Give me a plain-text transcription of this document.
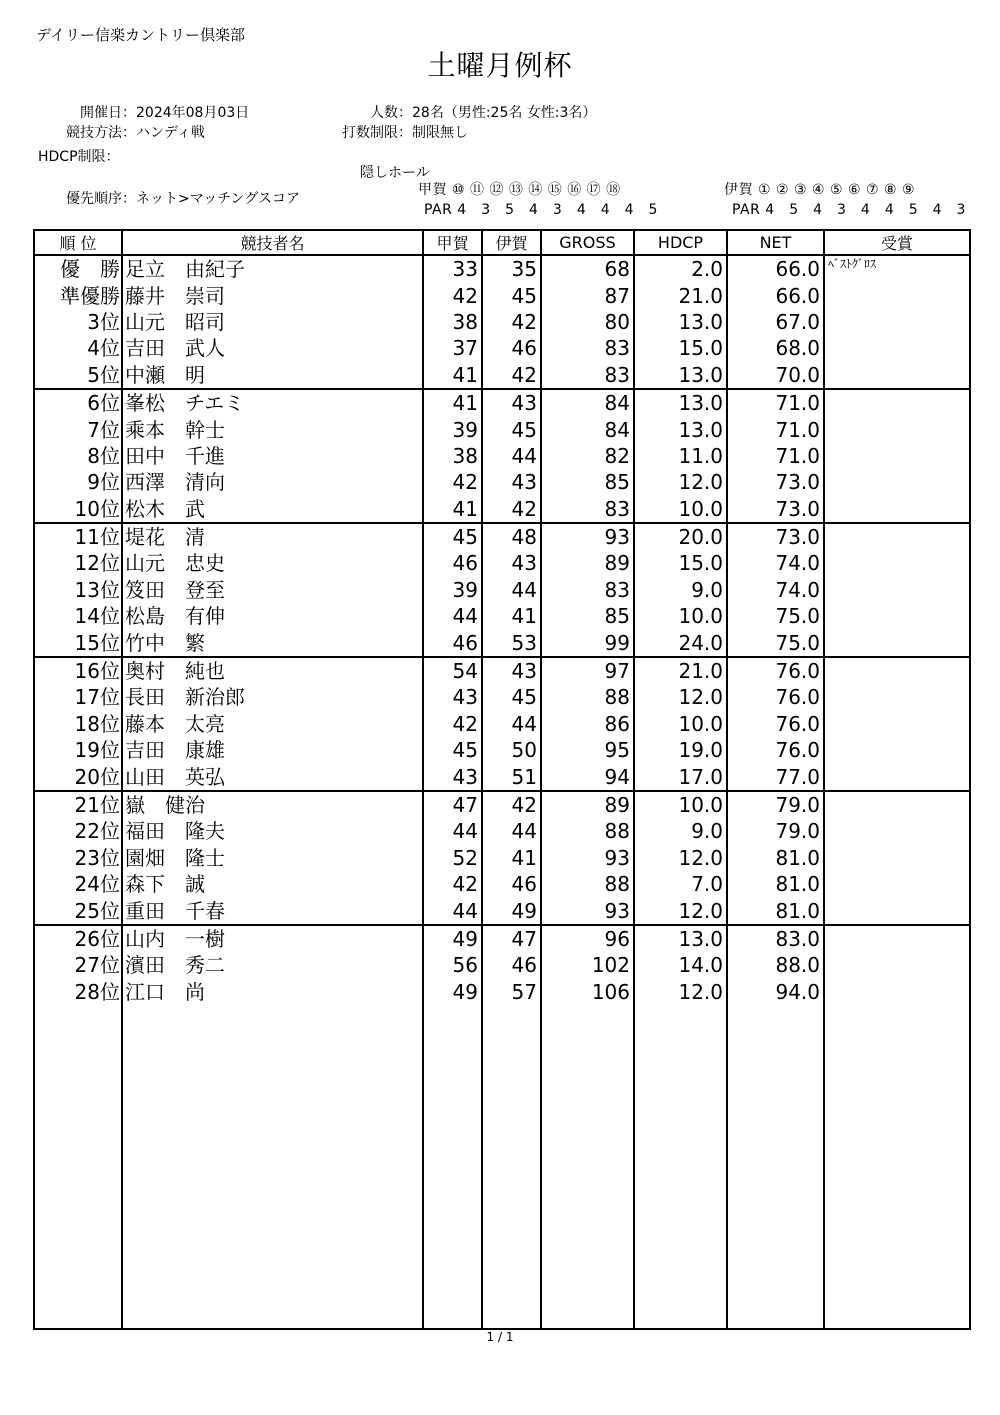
デイリー信楽カントリー倶楽部
土曜月例杯
開催日：2024年08月03日
競技方法：ハンディ戦
HDCP制限：
優先順序：ネット>マッチングスコア
人数：28名（男性:25名 女性:3名）
打数制限：制限無し
隠しホール
甲賀 ⑩ ⑪ ⑫ ⑬ ⑭ ⑮ ⑯ ⑰ ⑱
PAR 4　3　5　4　3　4　4　4　5
伊賀 ① ② ③ ④ ⑤ ⑥ ⑦ ⑧ ⑨
PAR 4　5　4　3　4　4　5　4　3
順 位	競技者名	甲賀	伊賀	GROSS	HDCP	NET	受賞
優　勝	足立　由紀子	33	35	68	2.0	66.0	ﾍﾞｽﾄｸﾞﾛｽ
準優勝	藤井　崇司	42	45	87	21.0	66.0	
3位	山元　昭司	38	42	80	13.0	67.0	
4位	吉田　武人	37	46	83	15.0	68.0	
5位	中瀬　明	41	42	83	13.0	70.0	
6位	峯松　チエミ	41	43	84	13.0	71.0	
7位	乘本　幹士	39	45	84	13.0	71.0	
8位	田中　千進	38	44	82	11.0	71.0	
9位	西澤　清向	42	43	85	12.0	73.0	
10位	松木　武	41	42	83	10.0	73.0	
11位	堤花　清	45	48	93	20.0	73.0	
12位	山元　忠史	46	43	89	15.0	74.0	
13位	笈田　登至	39	44	83	9.0	74.0	
14位	松島　有伸	44	41	85	10.0	75.0	
15位	竹中　繁	46	53	99	24.0	75.0	
16位	奥村　純也	54	43	97	21.0	76.0	
17位	長田　新治郎	43	45	88	12.0	76.0	
18位	藤本　太亮	42	44	86	10.0	76.0	
19位	吉田　康雄	45	50	95	19.0	76.0	
20位	山田　英弘	43	51	94	17.0	77.0	
21位	嶽　健治	47	42	89	10.0	79.0	
22位	福田　隆夫	44	44	88	9.0	79.0	
23位	園畑　隆士	52	41	93	12.0	81.0	
24位	森下　誠	42	46	88	7.0	81.0	
25位	重田　千春	44	49	93	12.0	81.0	
26位	山内　一樹	49	47	96	13.0	83.0	
27位	濱田　秀二	56	46	102	14.0	88.0	
28位	江口　尚	49	57	106	12.0	94.0	

1 / 1
